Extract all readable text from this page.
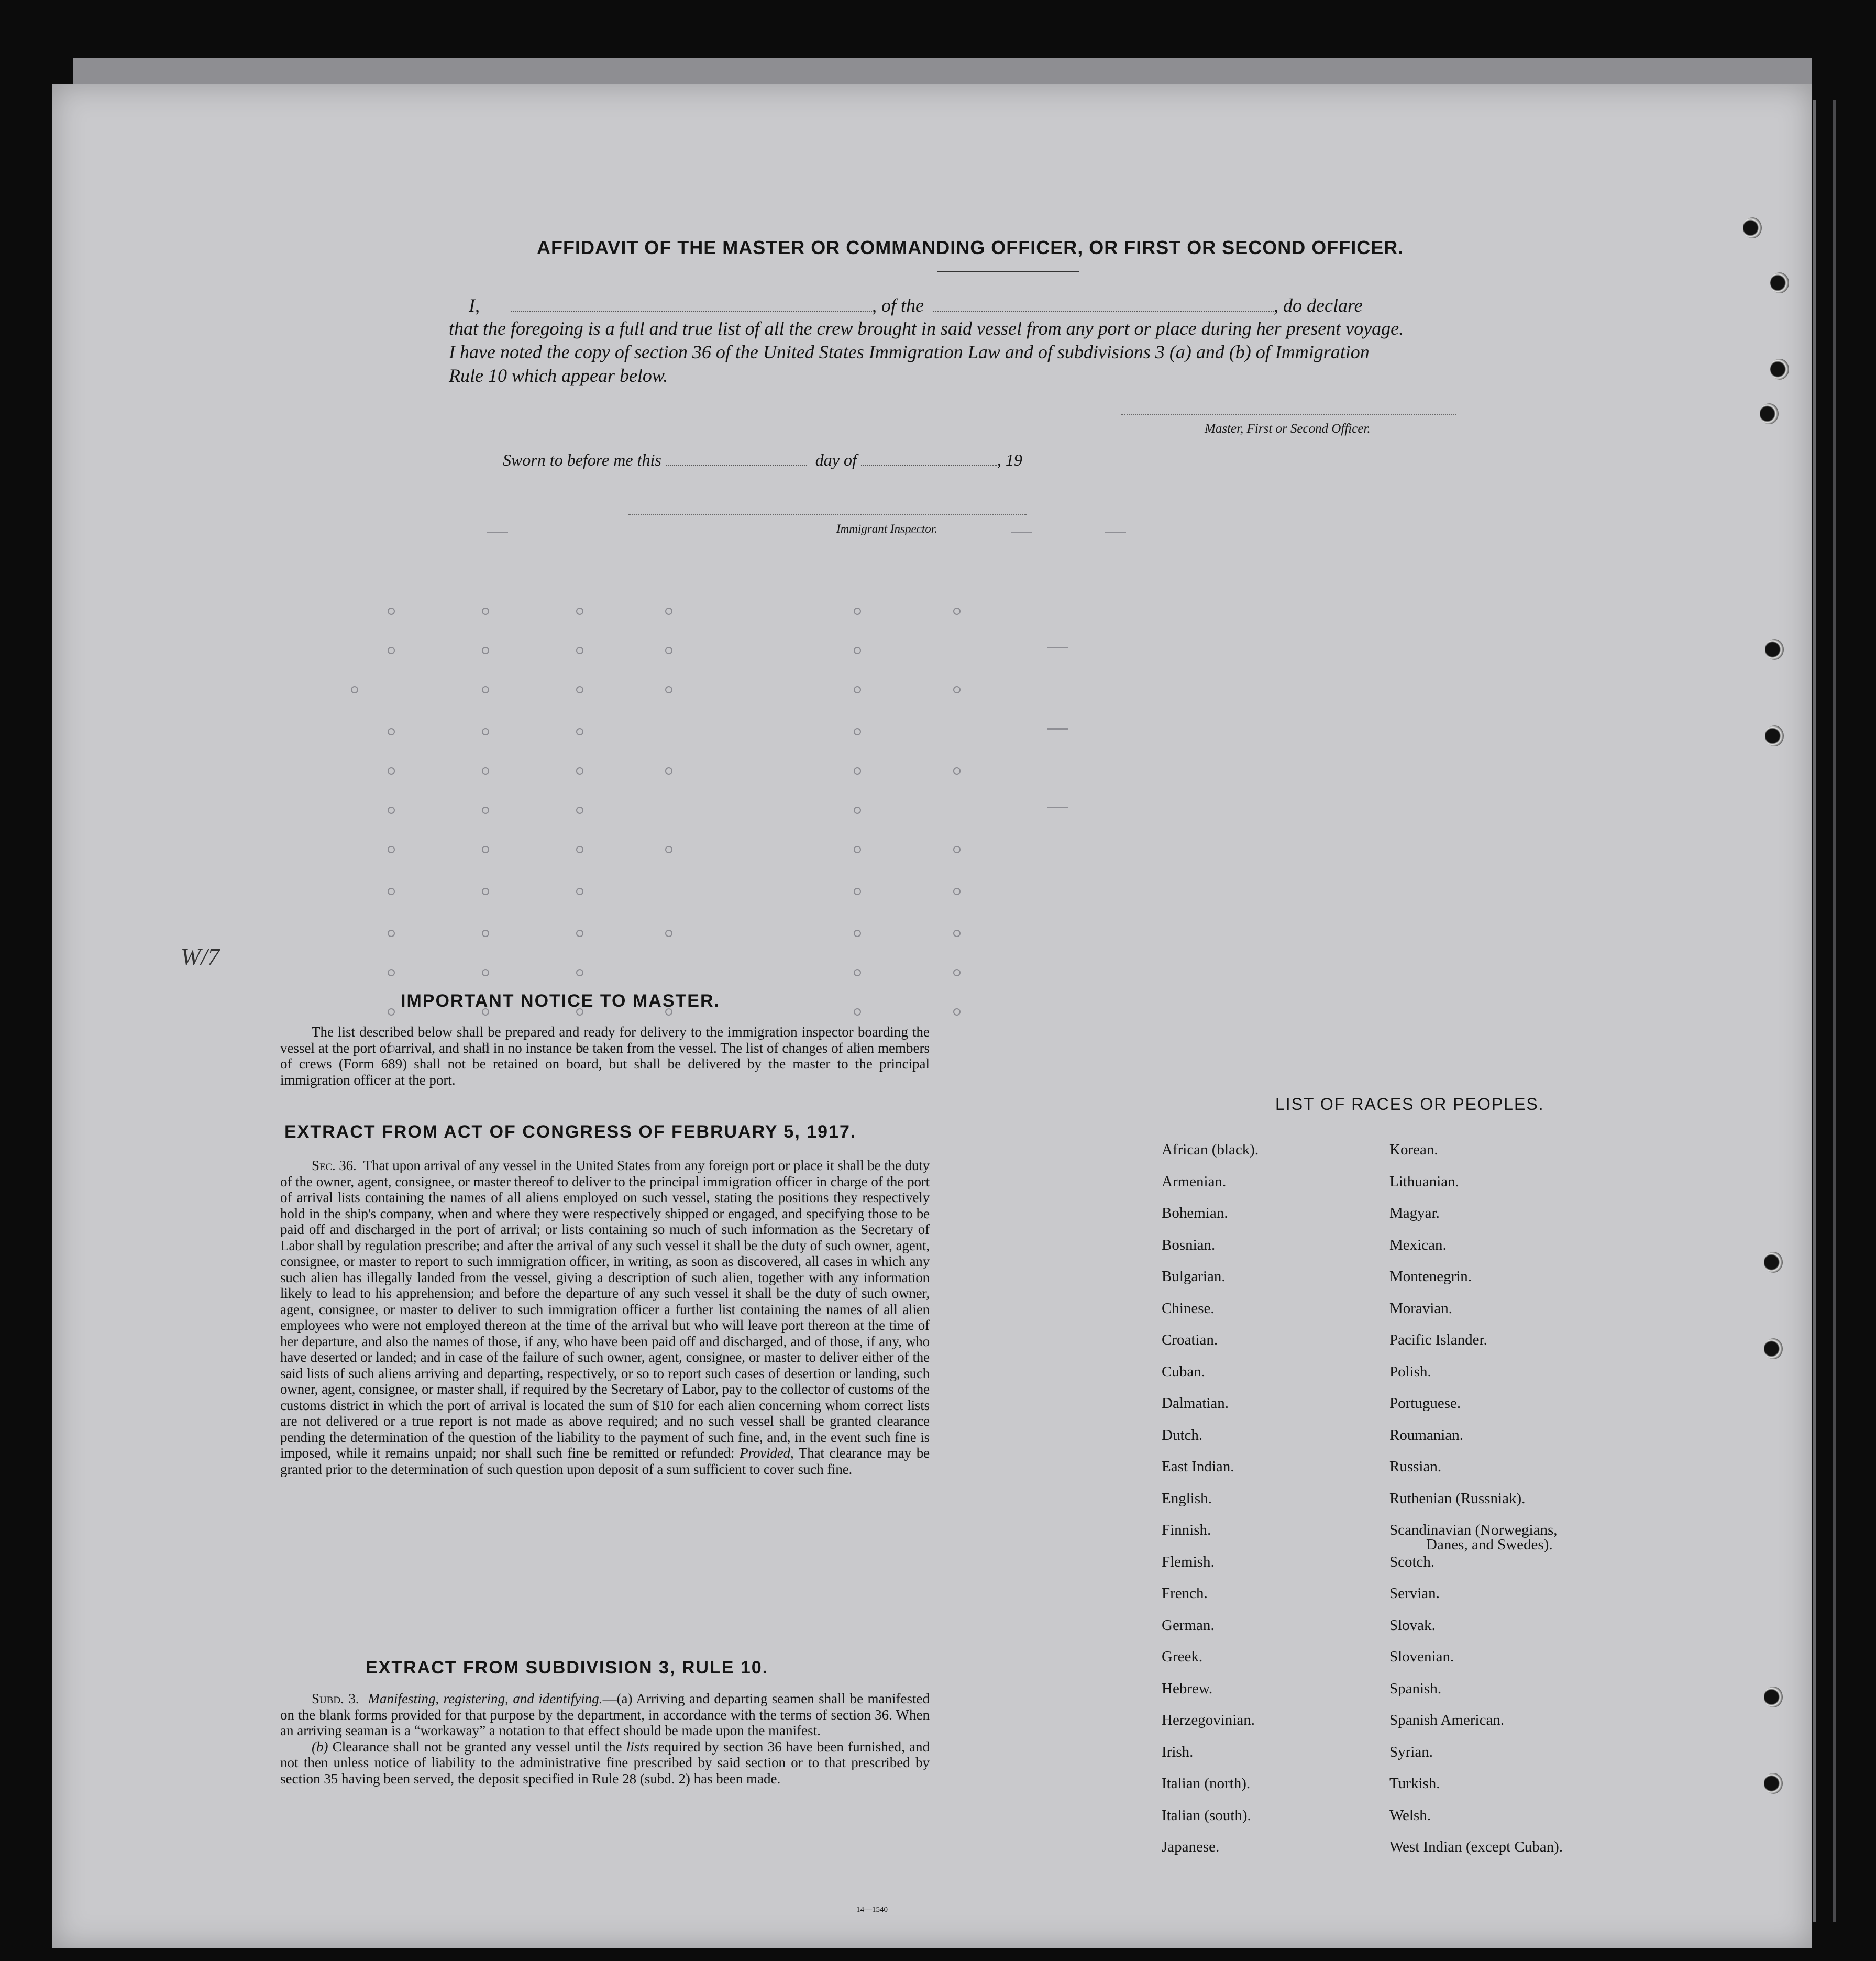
AFFIDAVIT OF THE MASTER OR COMMANDING OFFICER, OR FIRST OR SECOND OFFICER.
I,	, of the	, do declare
that the foregoing is a full and true list of all the crew brought in said vessel from any port or place during her present voyage.
I have noted the copy of section 36 of the United States Immigration Law and of subdivisions 3 (a) and (b) of Immigration
Rule 10 which appear below.
Master, First or Second Officer.
Sworn to before me this	day of	, 19
Immigrant Inspector.
W/7
IMPORTANT NOTICE TO MASTER.

The list described below shall be prepared and ready for delivery to the immigration inspector boarding the vessel at the port of arrival, and shall in no instance be taken from the vessel. The list of changes of alien members of crews (Form 689) shall not be retained on board, but shall be delivered by the master to the principal immigration officer at the port.

EXTRACT FROM ACT OF CONGRESS OF FEBRUARY 5, 1917.

Sec. 36. That upon arrival of any vessel in the United States from any foreign port or place it shall be the duty of the owner, agent, consignee, or master thereof to deliver to the principal immigration officer in charge of the port of arrival lists containing the names of all aliens employed on such vessel, stating the positions they respectively hold in the ship's company, when and where they were respectively shipped or engaged, and specifying those to be paid off and discharged in the port of arrival; or lists containing so much of such information as the Secretary of Labor shall by regulation prescribe; and after the arrival of any such vessel it shall be the duty of such owner, agent, consignee, or master to report to such immigration officer, in writing, as soon as discovered, all cases in which any such alien has illegally landed from the vessel, giving a description of such alien, together with any information likely to lead to his apprehension; and before the departure of any such vessel it shall be the duty of such owner, agent, consignee, or master to deliver to such immigration officer a further list containing the names of all alien employees who were not employed thereon at the time of the arrival but who will leave port thereon at the time of her departure, and also the names of those, if any, who have been paid off and discharged, and of those, if any, who have deserted or landed; and in case of the failure of such owner, agent, consignee, or master to deliver either of the said lists of such aliens arriving and departing, respectively, or so to report such cases of desertion or landing, such owner, agent, consignee, or master shall, if required by the Secretary of Labor, pay to the collector of customs of the customs district in which the port of arrival is located the sum of $10 for each alien concerning whom correct lists are not delivered or a true report is not made as above required; and no such vessel shall be granted clearance pending the determination of the question of the liability to the payment of such fine, and, in the event such fine is imposed, while it remains unpaid; nor shall such fine be remitted or refunded: Provided, That clearance may be granted prior to the determination of such question upon deposit of a sum sufficient to cover such fine.

EXTRACT FROM SUBDIVISION 3, RULE 10.

Subd. 3. Manifesting, registering, and identifying.—(a) Arriving and departing seamen shall be manifested on the blank forms provided for that purpose by the department, in accordance with the terms of section 36. When an arriving seaman is a “workaway” a notation to that effect should be made upon the manifest.

(b) Clearance shall not be granted any vessel until the lists required by section 36 have been furnished, and not then unless notice of liability to the administrative fine prescribed by said section or to that prescribed by section 35 having been served, the deposit specified in Rule 28 (subd. 2) has been made.

14—1540
LIST OF RACES OR PEOPLES.
African (black).
Armenian.
Bohemian.
Bosnian.
Bulgarian.
Chinese.
Croatian.
Cuban.
Dalmatian.
Dutch.
East Indian.
English.
Finnish.
Flemish.
French.
German.
Greek.
Hebrew.
Herzegovinian.
Irish.
Italian (north).
Italian (south).
Japanese.
Korean.
Lithuanian.
Magyar.
Mexican.
Montenegrin.
Moravian.
Pacific Islander.
Polish.
Portuguese.
Roumanian.
Russian.
Ruthenian (Russniak).
Scandinavian (Norwegians,
Danes, and Swedes).
Scotch.
Servian.
Slovak.
Slovenian.
Spanish.
Spanish American.
Syrian.
Turkish.
Welsh.
West Indian (except Cuban).
